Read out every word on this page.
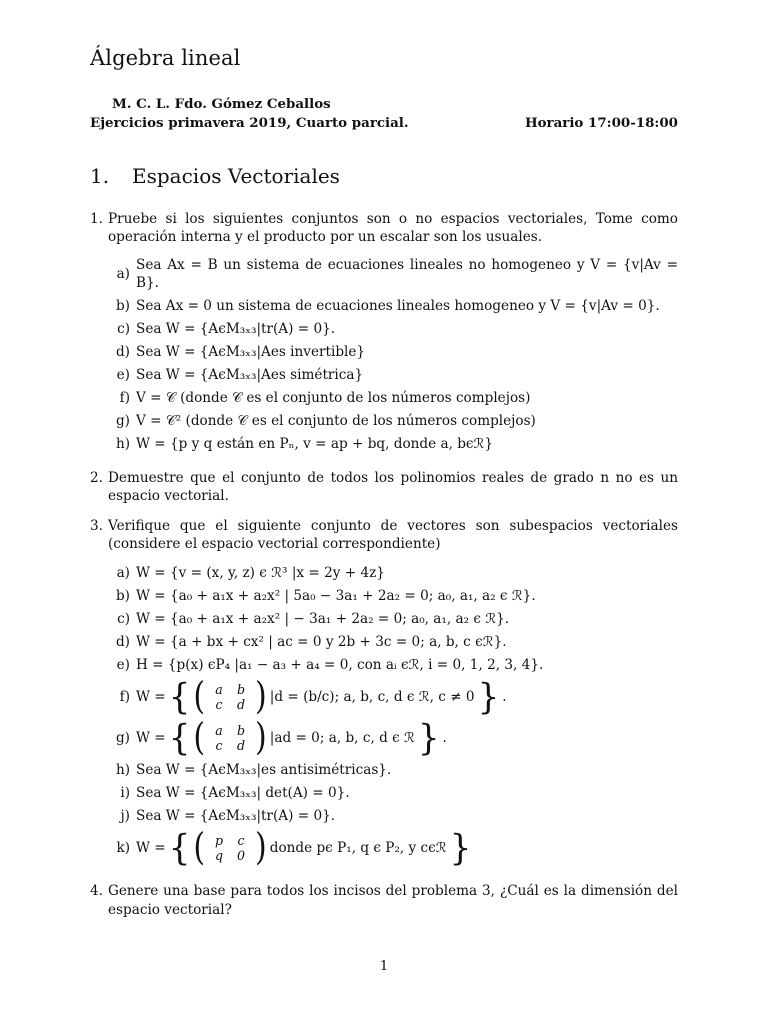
Álgebra lineal
M. C. L. Fdo. Gómez Ceballos
Ejercicios primavera 2019, Cuarto parcial.	Horario 17:00-18:00
1.	Espacios Vectoriales
1. Pruebe si los siguientes conjuntos son o no espacios vectoriales, Tome como operación interna y el producto por un escalar son los usuales.
a)
Sea Ax = B un sistema de ecuaciones lineales no homogeneo y V = {v|Av = B}.
b) Sea Ax = 0 un sistema de ecuaciones lineales homogeneo y V = {v|Av = 0}.
c) Sea W = {AϵM₃ₓ₃|tr(A) = 0}.
d) Sea W = {AϵM₃ₓ₃|Aes invertible}
e) Sea W = {AϵM₃ₓ₃|Aes simétrica}
f) V = 𝒞 (donde 𝒞 es el conjunto de los números complejos)
g) V = 𝒞² (donde 𝒞 es el conjunto de los números complejos)
h) W = {p y q están en Pₙ, v = ap + bq, donde a, bϵℛ}
2. Demuestre que el conjunto de todos los polinomios reales de grado n no es un espacio vectorial.
3. Verifique que el siguiente conjunto de vectores son subespacios vectoriales (considere el espacio vectorial correspondiente)
a) W = {v = (x, y, z) ϵ ℛ³ |x = 2y + 4z}
b) W = {a₀ + a₁x + a₂x² | 5a₀ − 3a₁ + 2a₂ = 0; a₀, a₁, a₂ ϵ ℛ}.
c) W = {a₀ + a₁x + a₂x² | − 3a₁ + 2a₂ = 0; a₀, a₁, a₂ ϵ ℛ}.
d) W = {a + bx + cx² | ac = 0 y 2b + 3c = 0; a, b, c ϵℛ}.
e) H = {p(x) ϵP₄ |a₁ − a₃ + a₄ = 0, con aᵢ ϵℛ, i = 0, 1, 2, 3, 4}.
f) W = { ( a	b
c	d ) |d = (b/c); a, b, c, d ϵ ℛ, c ≠ 0 } .
g) W = { ( a	b
c	d ) |ad = 0; a, b, c, d ϵ ℛ } .
h) Sea W = {AϵM₃ₓ₃|es antisimétricas}.
i) Sea W = {AϵM₃ₓ₃| det(A) = 0}.
j) Sea W = {AϵM₃ₓ₃|tr(A) = 0}.
k) W = { ( p	c
q	0 ) donde pϵ P₁, q ϵ P₂, y cϵℛ }
4. Genere una base para todos los incisos del problema 3, ¿Cuál es la dimensión del espacio vectorial?
1
